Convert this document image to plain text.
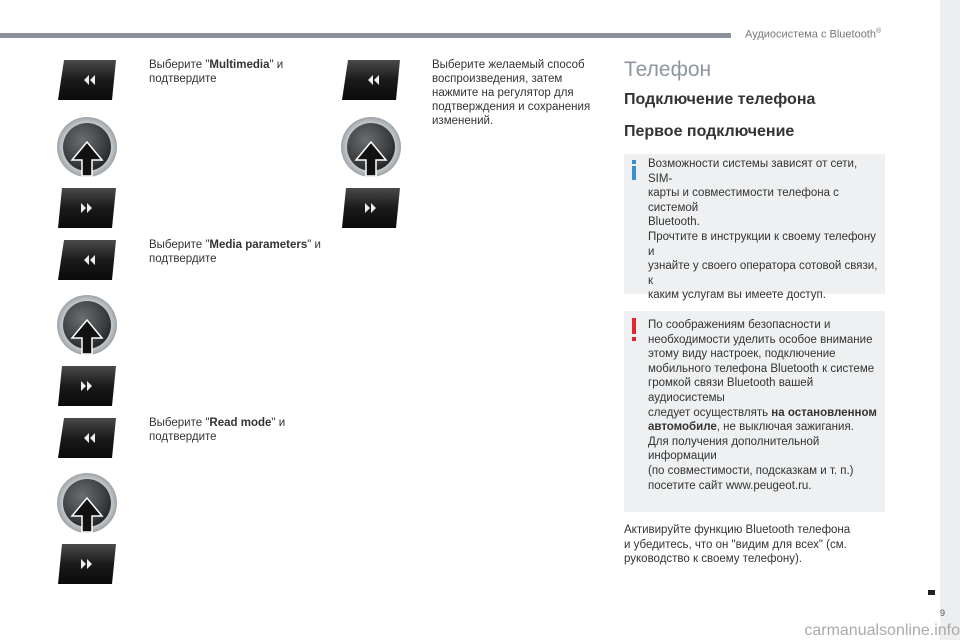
Аудиосистема с Bluetooth®
9
Выберите "Multimedia" и
подтвердите
Выберите "Media parameters" и
подтвердите
Выберите "Read mode" и
подтвердите
Выберите желаемый способ
воспроизведения, затем
нажмите на регулятор для
подтверждения и сохранения
изменений.
Телефон
Подключение телефона
Первое подключение

Возможности системы зависят от сети, SIM-

карты и совместимости телефона с системой

Bluetooth.

Прочтите в инструкции к своему телефону и

узнайте у своего оператора сотовой связи, к

каким услугам вы имеете доступ.

По соображениям безопасности и

необходимости уделить особое внимание

этому виду настроек, подключение

мобильного телефона Bluetooth к системе

громкой связи Bluetooth вашей аудиосистемы

следует осуществлять на остановленном

автомобиле, не выключая зажигания.

Для получения дополнительной информации

(по совместимости, подсказкам и т. п.)

посетите сайт www.peugeot.ru.

Активируйте функцию Bluetooth телефона
и убедитесь, что он "видим для всех" (см.
руководство к своему телефону).
carmanualsonline.info
